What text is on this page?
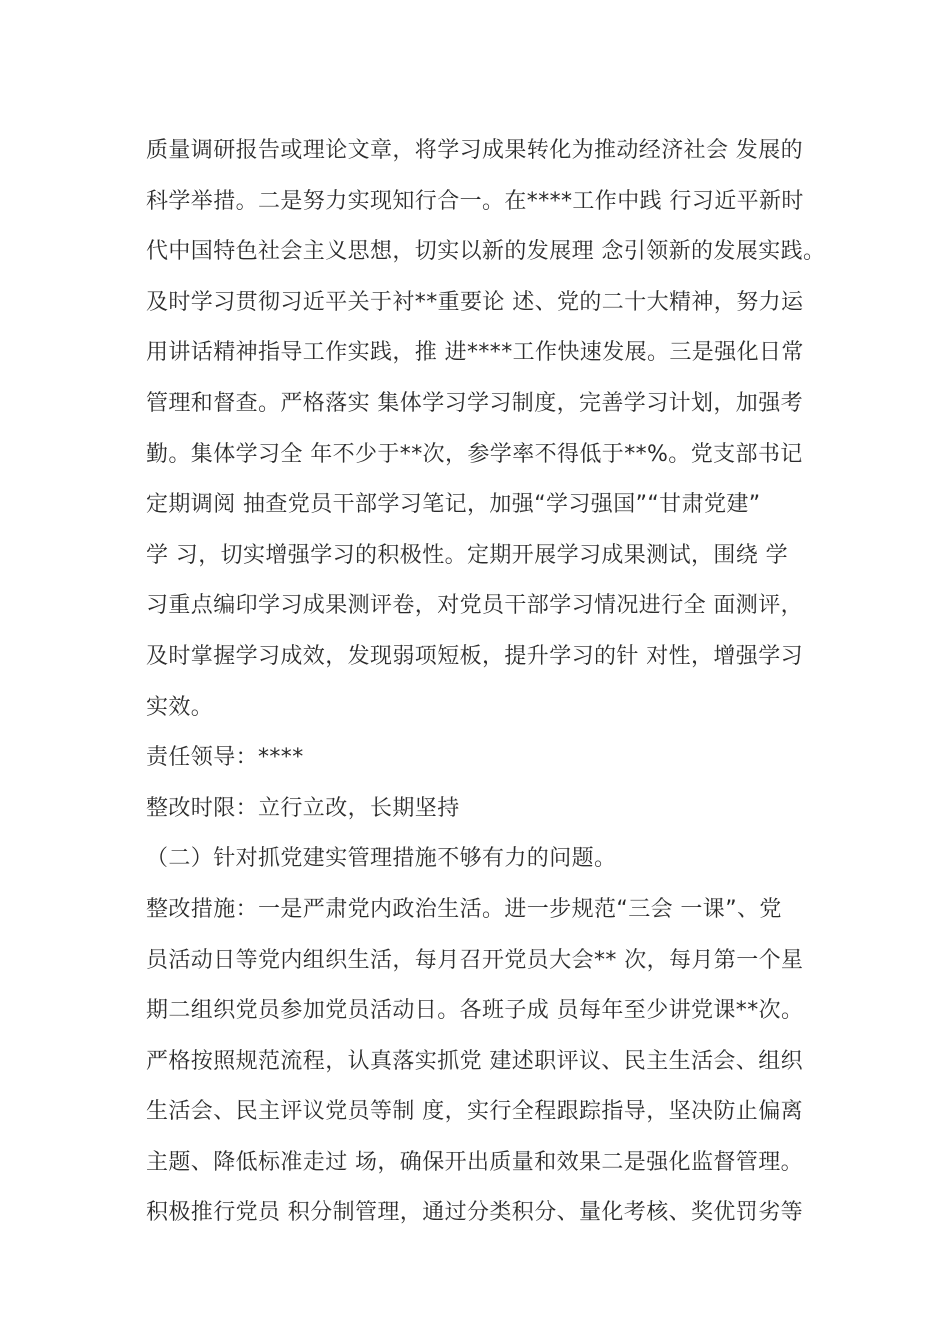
质量调研报告或理论文章，将学习成果转化为推动经济社会 发展的
科学举措。二是努力实现知行合一。在****工作中践 行习近平新时
代中国特色社会主义思想，切实以新的发展理 念引领新的发展实践。
及时学习贯彻习近平关于衬**重要论 述、党的二十大精神，努力运
用讲话精神指导工作实践，推 进****工作快速发展。三是强化日常
管理和督查。严格落实 集体学习学习制度，完善学习计划，加强考
勤。集体学习全 年不少于**次，参学率不得低于**%。党支部书记
定期调阅 抽查党员干部学习笔记，加强“学习强国”“甘肃党建”
学 习，切实增强学习的积极性。定期开展学习成果测试，围绕 学
习重点编印学习成果测评卷，对党员干部学习情况进行全 面测评，
及时掌握学习成效，发现弱项短板，提升学习的针 对性，增强学习
实效。
责任领导：****
整改时限：立行立改，长期坚持
（二）针对抓党建实管理措施不够有力的问题。
整改措施：一是严肃党内政治生活。进一步规范“三会 一课”、党
员活动日等党内组织生活，每月召开党员大会** 次，每月第一个星
期二组织党员参加党员活动日。各班子成 员每年至少讲党课**次。
严格按照规范流程，认真落实抓党 建述职评议、民主生活会、组织
生活会、民主评议党员等制 度，实行全程跟踪指导，坚决防止偏离
主题、降低标准走过 场，确保开出质量和效果二是强化监督管理。
积极推行党员 积分制管理，通过分类积分、量化考核、奖优罚劣等
